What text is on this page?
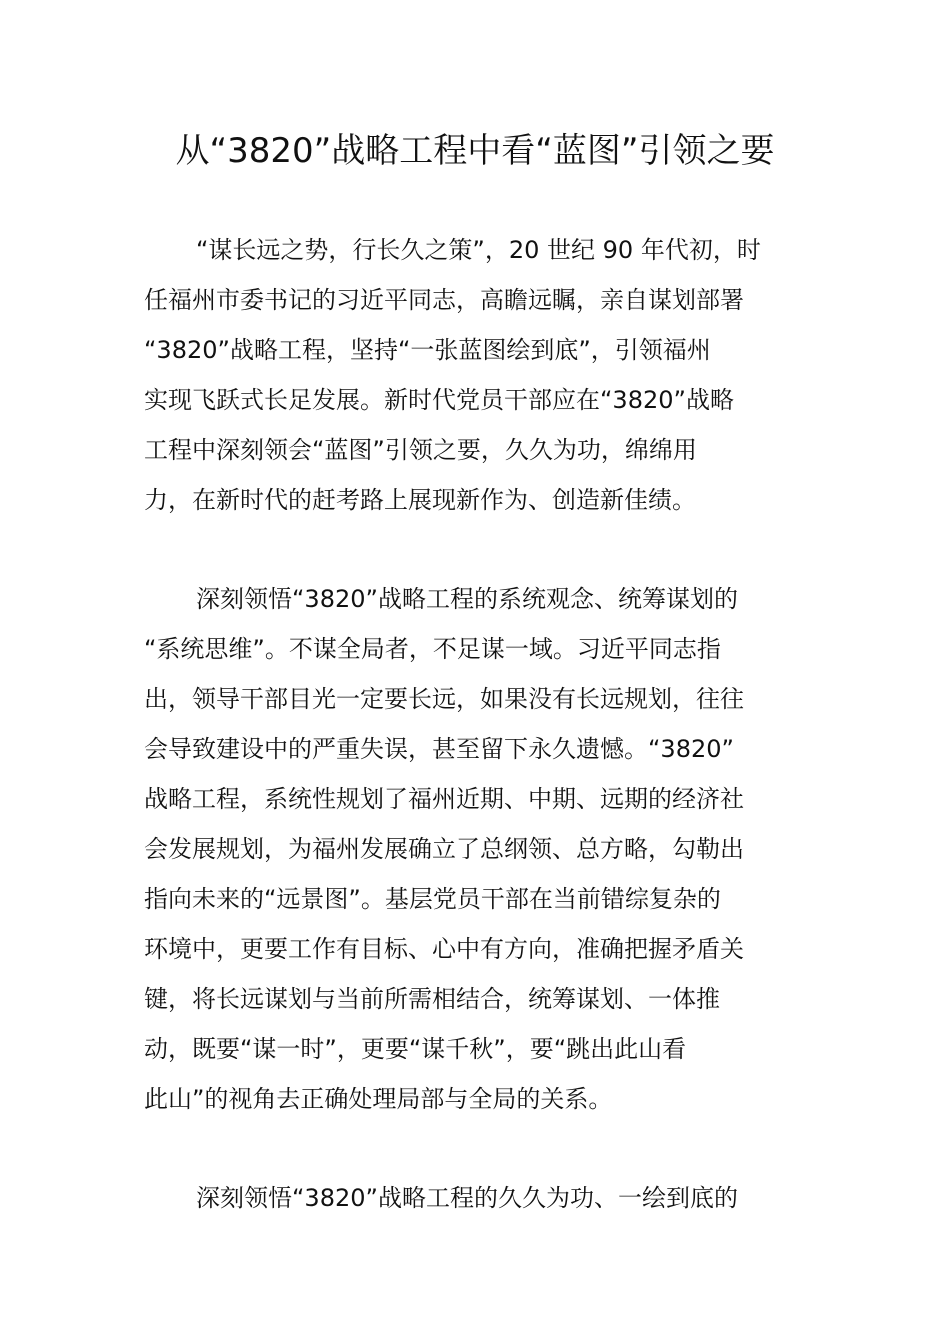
从“3820”战略工程中看“蓝图”引领之要
“谋长远之势，行长久之策”，20 世纪 90 年代初，时
任福州市委书记的习近平同志，高瞻远瞩，亲自谋划部署
“3820”战略工程，坚持“一张蓝图绘到底”，引领福州
实现飞跃式长足发展。新时代党员干部应在“3820”战略
工程中深刻领会“蓝图”引领之要，久久为功，绵绵用
力，在新时代的赶考路上展现新作为、创造新佳绩。
深刻领悟“3820”战略工程的系统观念、统筹谋划的
“系统思维”。不谋全局者，不足谋一域。习近平同志指
出，领导干部目光一定要长远，如果没有长远规划，往往
会导致建设中的严重失误，甚至留下永久遗憾。“3820”
战略工程，系统性规划了福州近期、中期、远期的经济社
会发展规划，为福州发展确立了总纲领、总方略，勾勒出
指向未来的“远景图”。基层党员干部在当前错综复杂的
环境中，更要工作有目标、心中有方向，准确把握矛盾关
键，将长远谋划与当前所需相结合，统筹谋划、一体推
动，既要“谋一时”，更要“谋千秋”，要“跳出此山看
此山”的视角去正确处理局部与全局的关系。
深刻领悟“3820”战略工程的久久为功、一绘到底的
